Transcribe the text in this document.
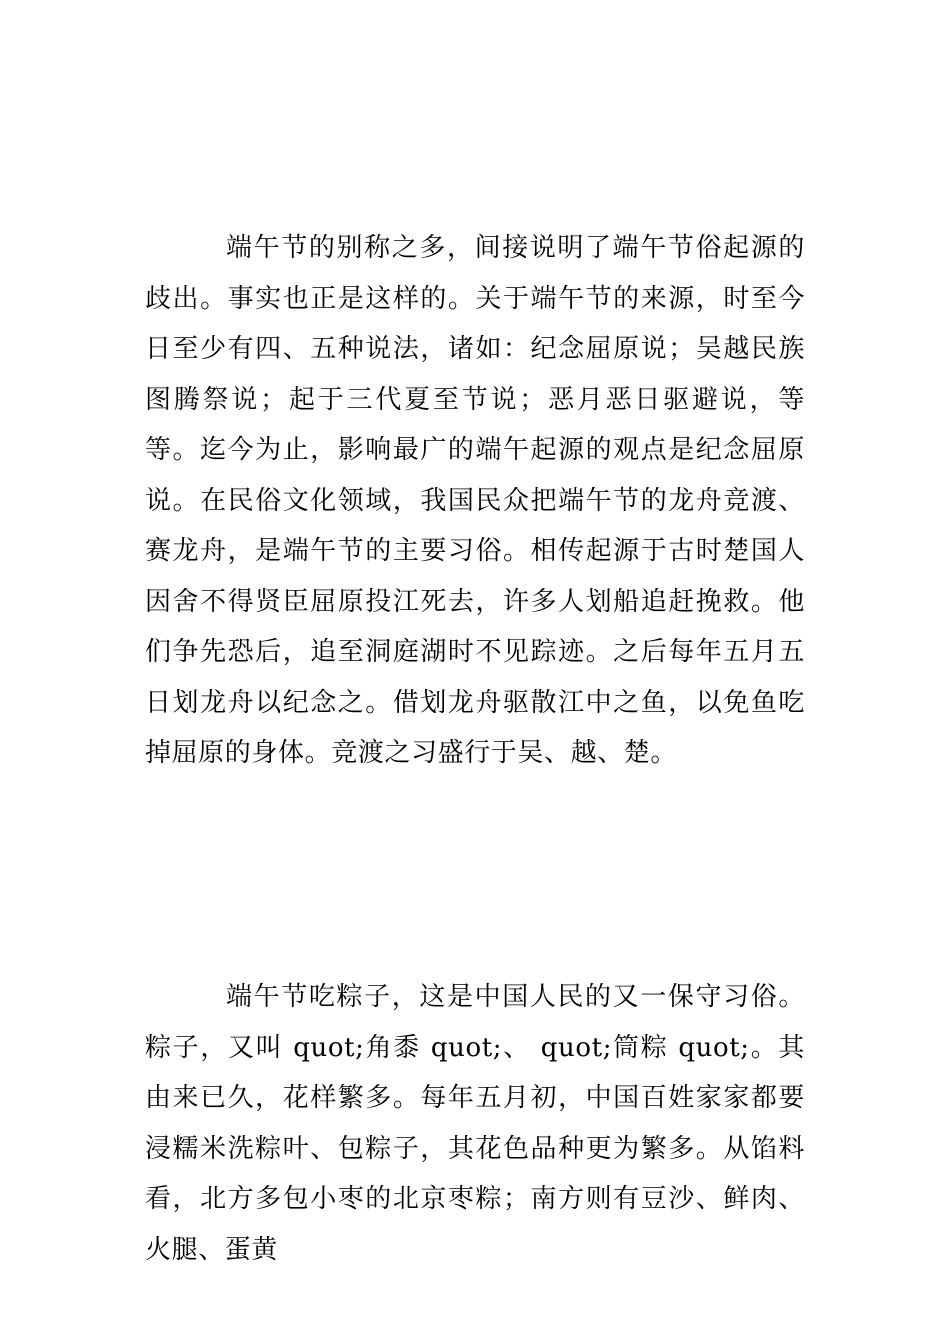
端午节的别称之多，间接说明了端午节俗起源的歧出。事实也正是这样的。关于端午节的来源，时至今日至少有四、五种说法，诸如：纪念屈原说；吴越民族图腾祭说；起于三代夏至节说；恶月恶日驱避说，等等。迄今为止，影响最广的端午起源的观点是纪念屈原说。在民俗文化领域，我国民众把端午节的龙舟竞渡、赛龙舟，是端午节的主要习俗。相传起源于古时楚国人因舍不得贤臣屈原投江死去，许多人划船追赶挽救。他们争先恐后，追至洞庭湖时不见踪迹。之后每年五月五日划龙舟以纪念之。借划龙舟驱散江中之鱼，以免鱼吃掉屈原的身体。竞渡之习盛行于吴、越、楚。

端午节吃粽子，这是中国人民的又一保守习俗。粽子，又叫 quot;角黍 quot;、 quot;筒粽 quot;。其由来已久，花样繁多。每年五月初，中国百姓家家都要浸糯米洗粽叶、包粽子，其花色品种更为繁多。从馅料看，北方多包小枣的北京枣粽；南方则有豆沙、鲜肉、火腿、蛋黄
